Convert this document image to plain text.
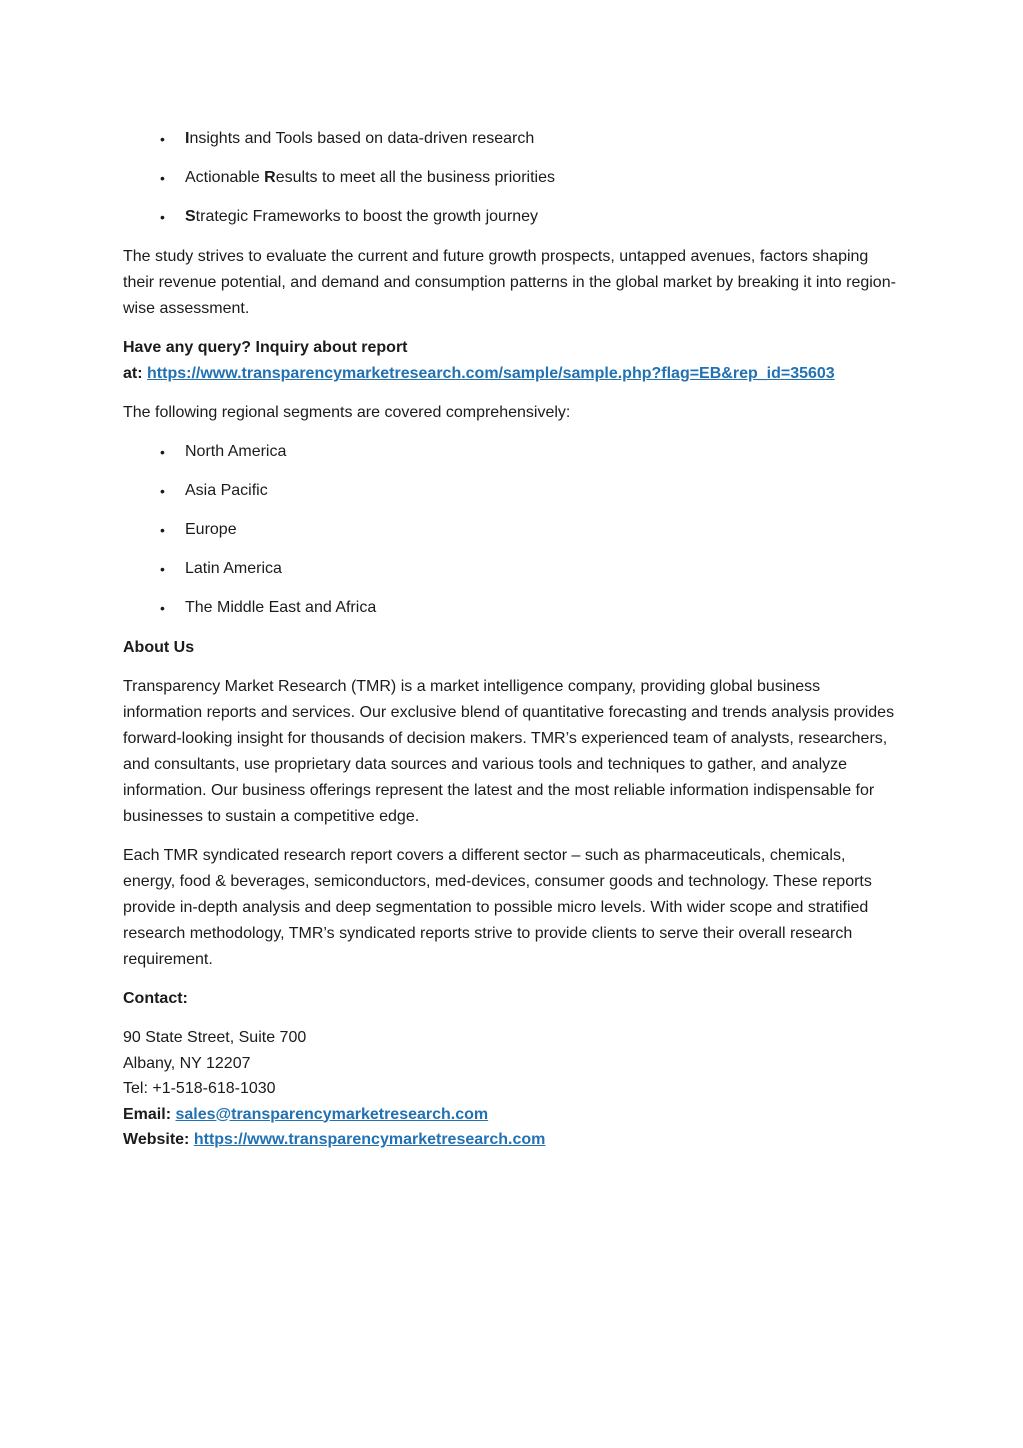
•	Insights and Tools based on data-driven research
•	Actionable Results to meet all the business priorities
•	Strategic Frameworks to boost the growth journey

The study strives to evaluate the current and future growth prospects, untapped avenues, factors shaping their revenue potential, and demand and consumption patterns in the global market by breaking it into region-wise assessment.

Have any query? Inquiry about report
at: https://www.transparencymarketresearch.com/sample/sample.php?flag=EB&rep_id=35603

The following regional segments are covered comprehensively:

•	North America
•	Asia Pacific
•	Europe
•	Latin America
•	The Middle East and Africa

About Us

Transparency Market Research (TMR) is a market intelligence company, providing global business information reports and services. Our exclusive blend of quantitative forecasting and trends analysis provides forward-looking insight for thousands of decision makers. TMR’s experienced team of analysts, researchers, and consultants, use proprietary data sources and various tools and techniques to gather, and analyze information. Our business offerings represent the latest and the most reliable information indispensable for businesses to sustain a competitive edge.

Each TMR syndicated research report covers a different sector – such as pharmaceuticals, chemicals, energy, food & beverages, semiconductors, med-devices, consumer goods and technology. These reports provide in-depth analysis and deep segmentation to possible micro levels. With wider scope and stratified research methodology, TMR’s syndicated reports strive to provide clients to serve their overall research requirement.

Contact:

90 State Street, Suite 700
Albany, NY 12207
Tel: +1-518-618-1030
Email: sales@transparencymarketresearch.com
Website: https://www.transparencymarketresearch.com
